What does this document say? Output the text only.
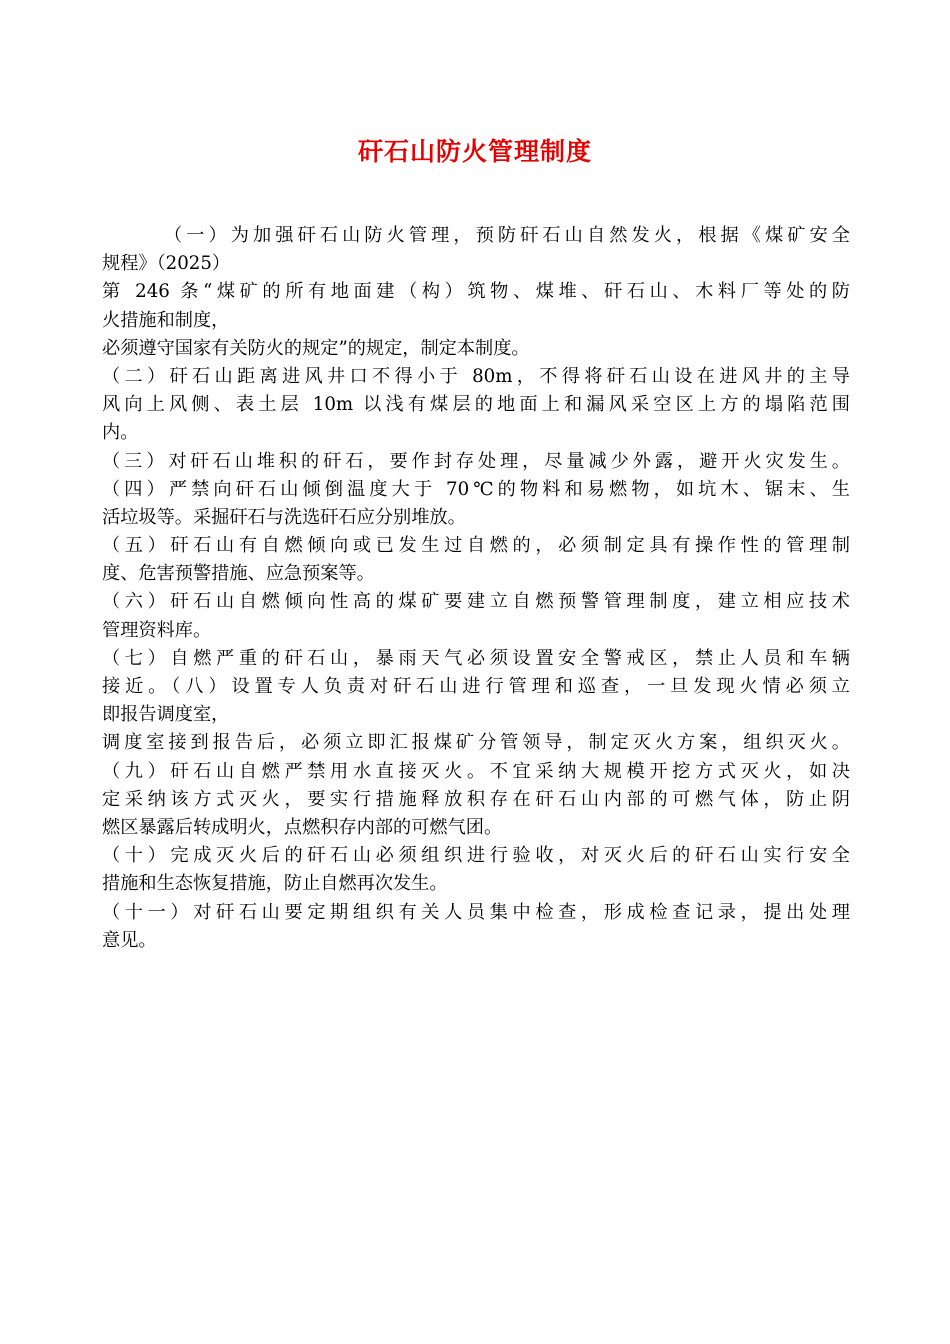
矸石山防火管理制度
（一）为加强矸石山防火管理，预防矸石山自然发火，根据《煤矿安全
规程》（2025）
第 246 条“煤矿的所有地面建（构）筑物、煤堆、矸石山、木料厂等处的防
火措施和制度，
必须遵守国家有关防火的规定”的规定，制定本制度。
（二）矸石山距离进风井口不得小于 80m，不得将矸石山设在进风井的主导
风向上风侧、表土层 10m 以浅有煤层的地面上和漏风采空区上方的塌陷范围
内。
（三）对矸石山堆积的矸石，要作封存处理，尽量减少外露，避开火灾发生。
（四）严禁向矸石山倾倒温度大于 70℃的物料和易燃物，如坑木、锯末、生
活垃圾等。采掘矸石与洗选矸石应分别堆放。
（五）矸石山有自燃倾向或已发生过自燃的，必须制定具有操作性的管理制
度、危害预警措施、应急预案等。
（六）矸石山自燃倾向性高的煤矿要建立自燃预警管理制度，建立相应技术
管理资料库。
（七）自燃严重的矸石山，暴雨天气必须设置安全警戒区，禁止人员和车辆
接近。（八）设置专人负责对矸石山进行管理和巡查，一旦发现火情必须立
即报告调度室，
调度室接到报告后，必须立即汇报煤矿分管领导，制定灭火方案，组织灭火。
（九）矸石山自燃严禁用水直接灭火。不宜采纳大规模开挖方式灭火，如决
定采纳该方式灭火，要实行措施释放积存在矸石山内部的可燃气体，防止阴
燃区暴露后转成明火，点燃积存内部的可燃气团。
（十）完成灭火后的矸石山必须组织进行验收，对灭火后的矸石山实行安全
措施和生态恢复措施，防止自燃再次发生。
（十一）对矸石山要定期组织有关人员集中检查，形成检查记录，提出处理
意见。
